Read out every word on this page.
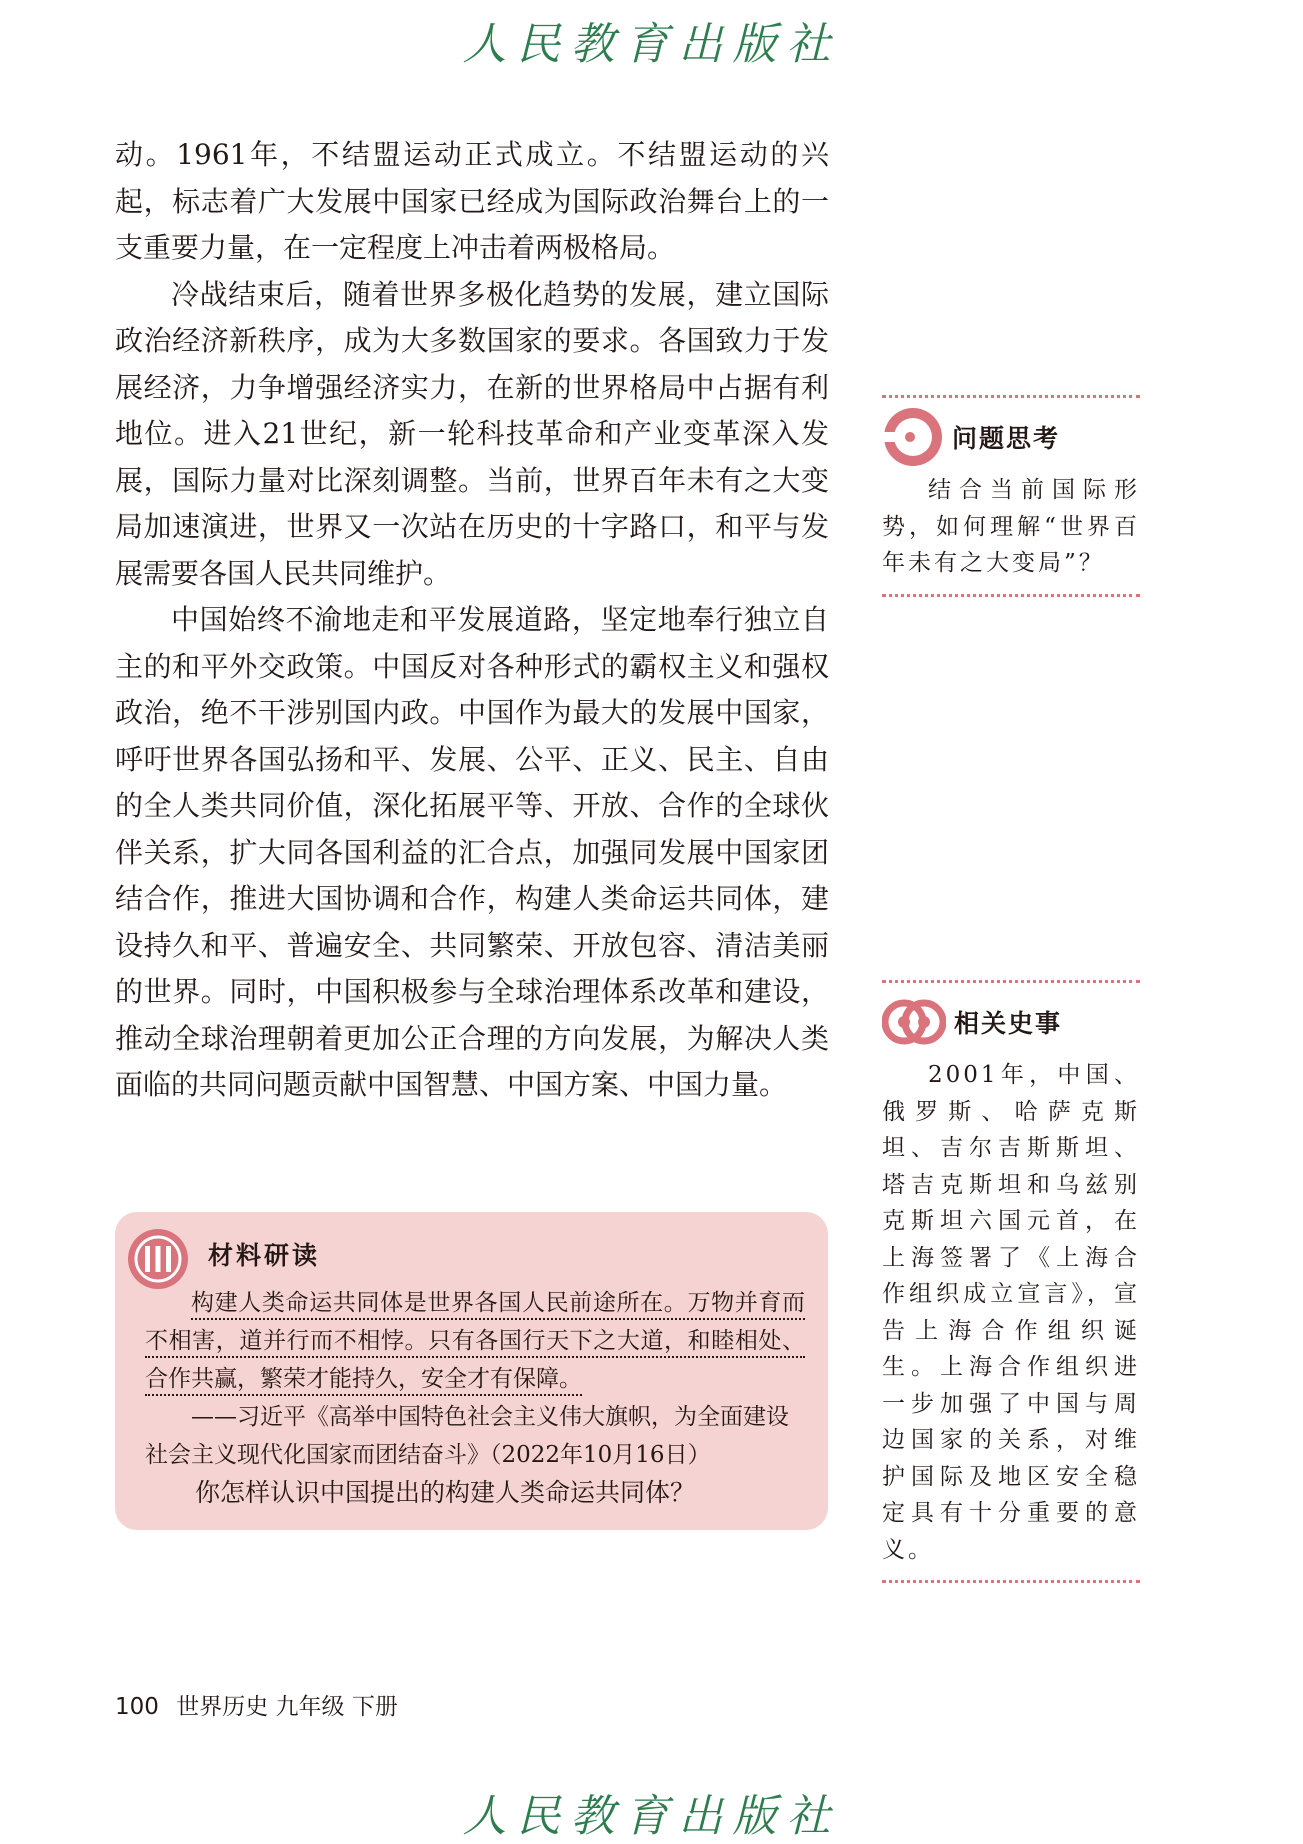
人民教育出版社

动。1961年，不结盟运动正式成立。不结盟运动的兴起，标志着广大发展中国家已经成为国际政治舞台上的一支重要力量，在一定程度上冲击着两极格局。

冷战结束后，随着世界多极化趋势的发展，建立国际政治经济新秩序，成为大多数国家的要求。各国致力于发展经济，力争增强经济实力，在新的世界格局中占据有利地位。进入21世纪，新一轮科技革命和产业变革深入发展，国际力量对比深刻调整。当前，世界百年未有之大变局加速演进，世界又一次站在历史的十字路口，和平与发展需要各国人民共同维护。

中国始终不渝地走和平发展道路，坚定地奉行独立自主的和平外交政策。中国反对各种形式的霸权主义和强权政治，绝不干涉别国内政。中国作为最大的发展中国家，呼吁世界各国弘扬和平、发展、公平、正义、民主、自由的全人类共同价值，深化拓展平等、开放、合作的全球伙伴关系，扩大同各国利益的汇合点，加强同发展中国家团结合作，推进大国协调和合作，构建人类命运共同体，建设持久和平、普遍安全、共同繁荣、开放包容、清洁美丽的世界。同时，中国积极参与全球治理体系改革和建设，推动全球治理朝着更加公正合理的方向发展，为解决人类面临的共同问题贡献中国智慧、中国方案、中国力量。

问题思考
结合当前国际形势，如何理解“世界百年未有之大变局”？
相关史事
2001年，中国、俄罗斯、哈萨克斯坦、吉尔吉斯斯坦、塔吉克斯坦和乌兹别克斯坦六国元首，在上海签署了《上海合作组织成立宣言》，宣告上海合作组织诞生。上海合作组织进一步加强了中国与周边国家的关系，对维护国际及地区安全稳定具有十分重要的意义。
材料研读

构建人类命运共同体是世界各国人民前途所在。万物并育而不相害，道并行而不相悖。只有各国行天下之大道，和睦相处、合作共赢，繁荣才能持久，安全才有保障。

——习近平《高举中国特色社会主义伟大旗帜，为全面建设社会主义现代化国家而团结奋斗》（2022年10月16日）

你怎样认识中国提出的构建人类命运共同体？

100 世界历史 九年级 下册
人民教育出版社
